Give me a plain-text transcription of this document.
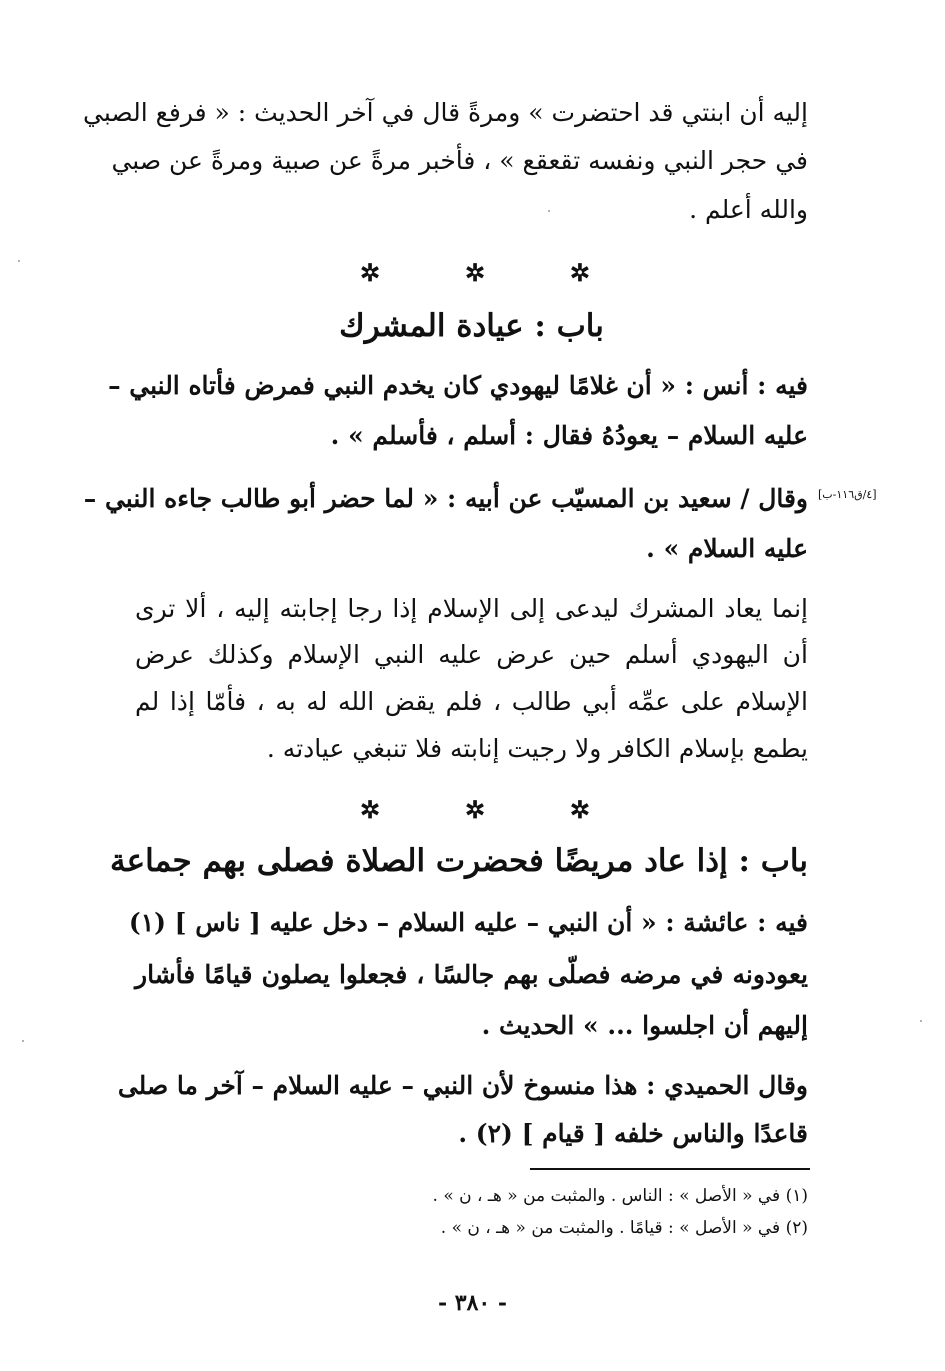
إليه أن ابنتي قد احتضرت » ومرةً قال في آخر الحديث : « فرفع الصبي
في حجر النبي ونفسه تقعقع » ، فأخبر مرةً عن صبية ومرةً عن صبي
والله أعلم .
✲	✲	✲
باب : عيادة المشرك
فيه : أنس : « أن غلامًا ليهودي كان يخدم النبي فمرض فأتاه النبي –
عليه السلام – يعودُهُ فقال : أسلم ، فأسلم » .
[٤/ق١١٦-ب]
وقال / سعيد بن المسيّب عن أبيه : « لما حضر أبو طالب جاءه النبي –
عليه السلام » .
إنما يعاد المشرك ليدعى إلى الإسلام إذا رجا إجابته إليه ، ألا ترى
أن اليهودي أسلم حين عرض عليه النبي الإسلام وكذلك عرض
الإسلام على عمِّه أبي طالب ، فلم يقض الله له به ، فأمّا إذا لم
يطمع بإسلام الكافر ولا رجيت إنابته فلا تنبغي عيادته .
✲	✲	✲
باب : إذا عاد مريضًا فحضرت الصلاة فصلى بهم جماعة
فيه : عائشة : « أن النبي – عليه السلام – دخل عليه [ ناس ] (١)
يعودونه في مرضه فصلّى بهم جالسًا ، فجعلوا يصلون قيامًا فأشار
إليهم أن اجلسوا ... » الحديث .
وقال الحميدي : هذا منسوخ لأن النبي – عليه السلام – آخر ما صلى
قاعدًا والناس خلفه [ قيام ] (٢) .
(١) في « الأصل » : الناس . والمثبت من « هـ ، ن » .
(٢) في « الأصل » : قيامًا . والمثبت من « هـ ، ن » .
- ٣٨٠ -
